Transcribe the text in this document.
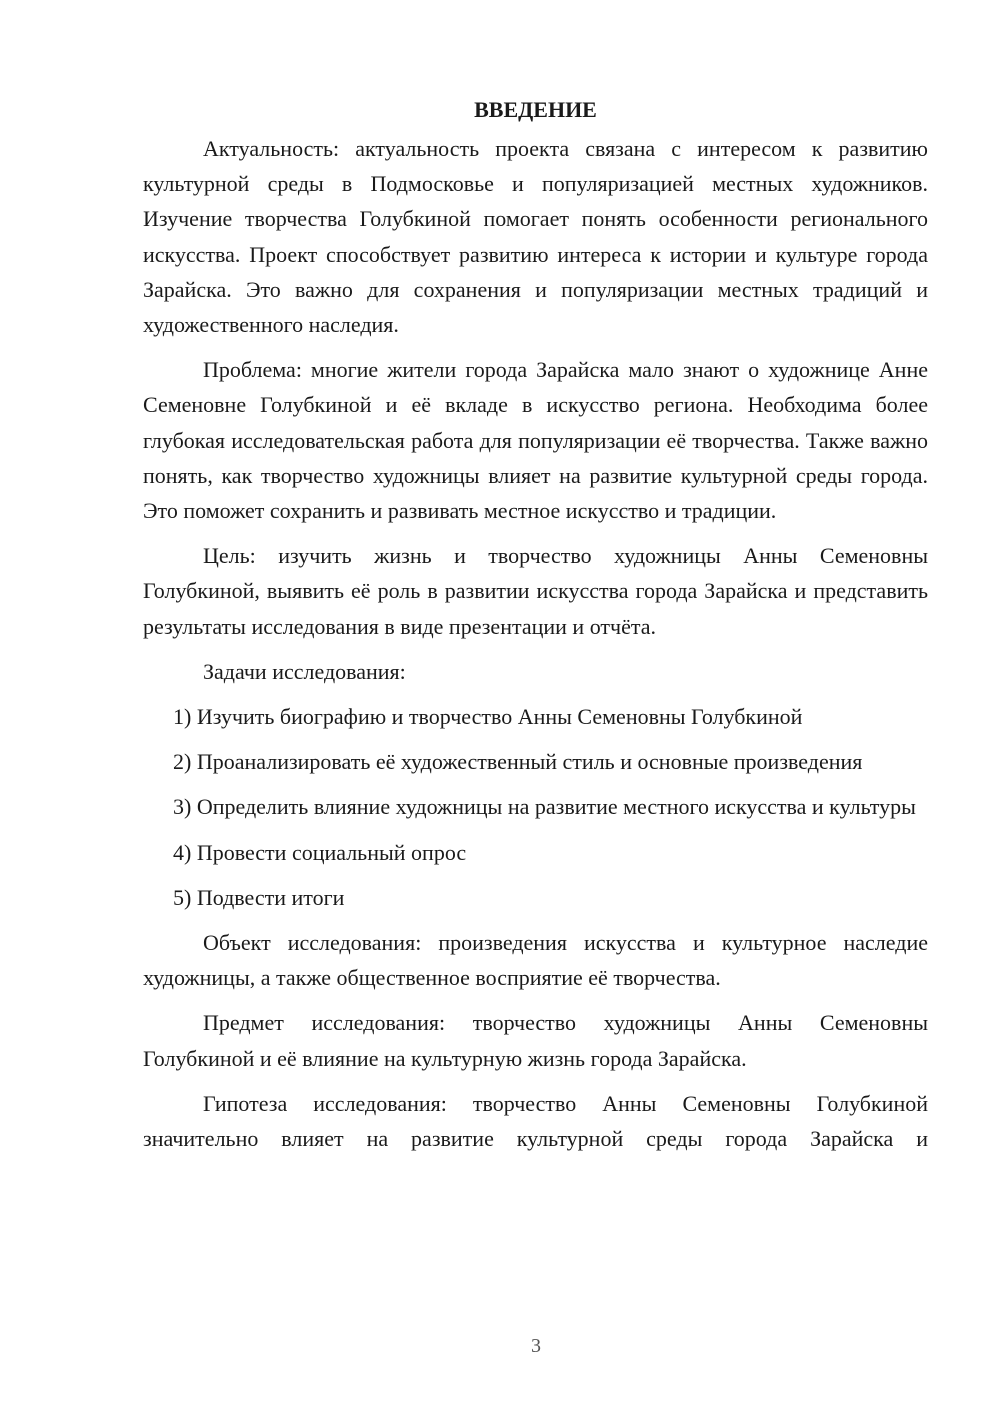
ВВЕДЕНИЕ

Актуальность: актуальность проекта связана с интересом к развитию культурной среды в Подмосковье и популяризацией местных художников. Изучение творчества Голубкиной помогает понять особенности регионального искусства. Проект способствует развитию интереса к истории и культуре города Зарайска. Это важно для сохранения и популяризации местных традиций и художественного наследия.

Проблема: многие жители города Зарайска мало знают о художнице Анне Семеновне Голубкиной и её вкладе в искусство региона. Необходима более глубокая исследовательская работа для популяризации её творчества. Также важно понять, как творчество художницы влияет на развитие культурной среды города. Это поможет сохранить и развивать местное искусство и традиции.

Цель: изучить жизнь и творчество художницы Анны Семеновны Голубкиной, выявить её роль в развитии искусства города Зарайска и представить результаты исследования в виде презентации и отчёта.

Задачи исследования:

1) Изучить биографию и творчество Анны Семеновны Голубкиной

2) Проанализировать её художественный стиль и основные произведения

3) Определить влияние художницы на развитие местного искусства и культуры

4) Провести социальный опрос

5) Подвести итоги

Объект исследования: произведения искусства и культурное наследие художницы, а также общественное восприятие её творчества.

Предмет исследования: творчество художницы Анны Семеновны Голубкиной и её влияние на культурную жизнь города Зарайска.

Гипотеза исследования: творчество Анны Семеновны Голубкиной значительно влияет на развитие культурной среды города Зарайска и

3
